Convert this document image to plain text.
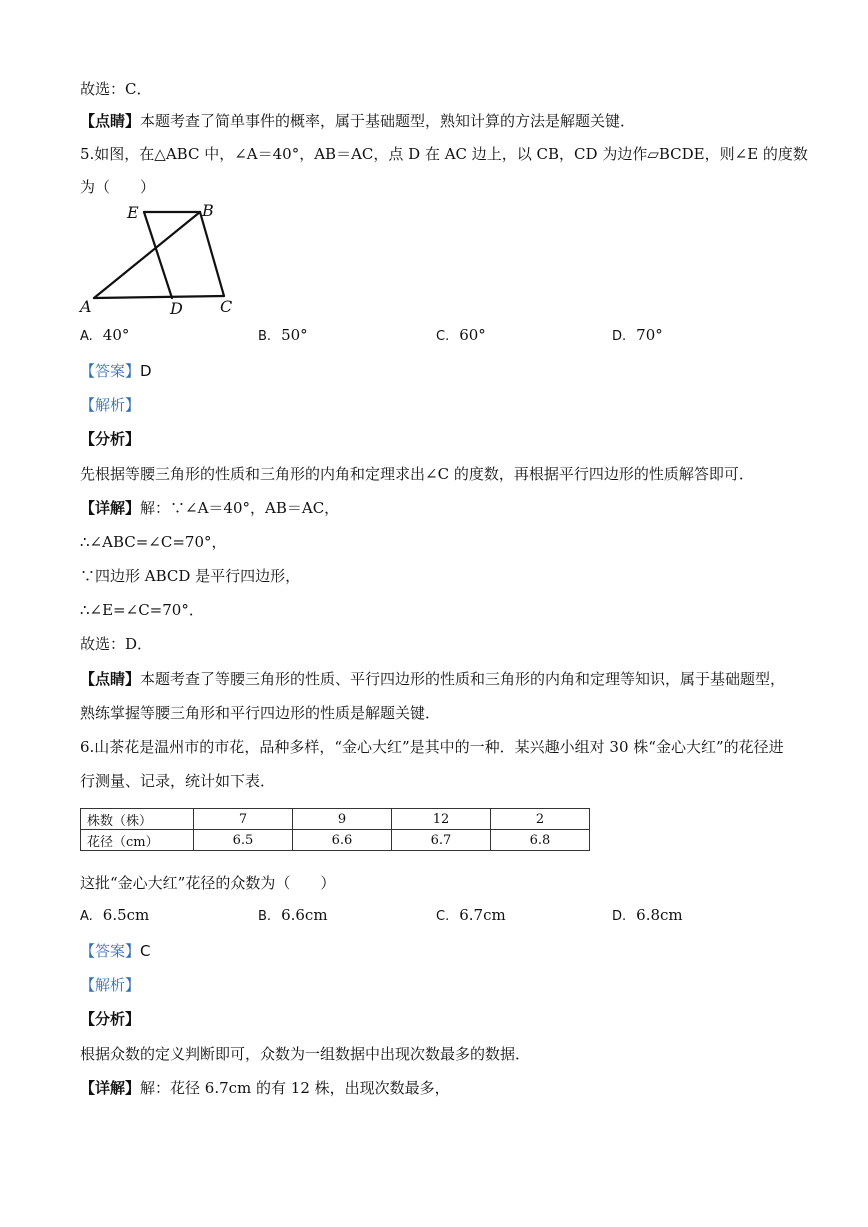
故选：C．
【点睛】本题考查了简单事件的概率，属于基础题型，熟知计算的方法是解题关键．
5.如图，在△ABC 中，∠A＝40°，AB＝AC，点 D 在 AC 边上，以 CB，CD 为边作▱BCDE，则∠E 的度数
为（　　）
E	B
A	D C
A. 40°	B. 50°	C. 60°	D. 70°
【答案】D
【解析】
【分析】
先根据等腰三角形的性质和三角形的内角和定理求出∠C 的度数，再根据平行四边形的性质解答即可．
【详解】解：∵∠A＝40°，AB＝AC，
∴∠ABC=∠C=70°，
∵四边形 ABCD 是平行四边形，
∴∠E=∠C=70°．
故选：D．
【点睛】本题考查了等腰三角形的性质、平行四边形的性质和三角形的内角和定理等知识，属于基础题型，
熟练掌握等腰三角形和平行四边形的性质是解题关键．
6.山茶花是温州市的市花，品种多样，“金心大红”是其中的一种．某兴趣小组对 30 株“金心大红”的花径进
行测量、记录，统计如下表．
株数（株）	7	9	12	2
花径（cm）	6.5	6.6	6.7	6.8
这批“金心大红”花径的众数为（　　）
A. 6.5cm	B. 6.6cm	C. 6.7cm	D. 6.8cm
【答案】C
【解析】
【分析】
根据众数的定义判断即可，众数为一组数据中出现次数最多的数据．
【详解】解：花径 6.7cm 的有 12 株，出现次数最多，
